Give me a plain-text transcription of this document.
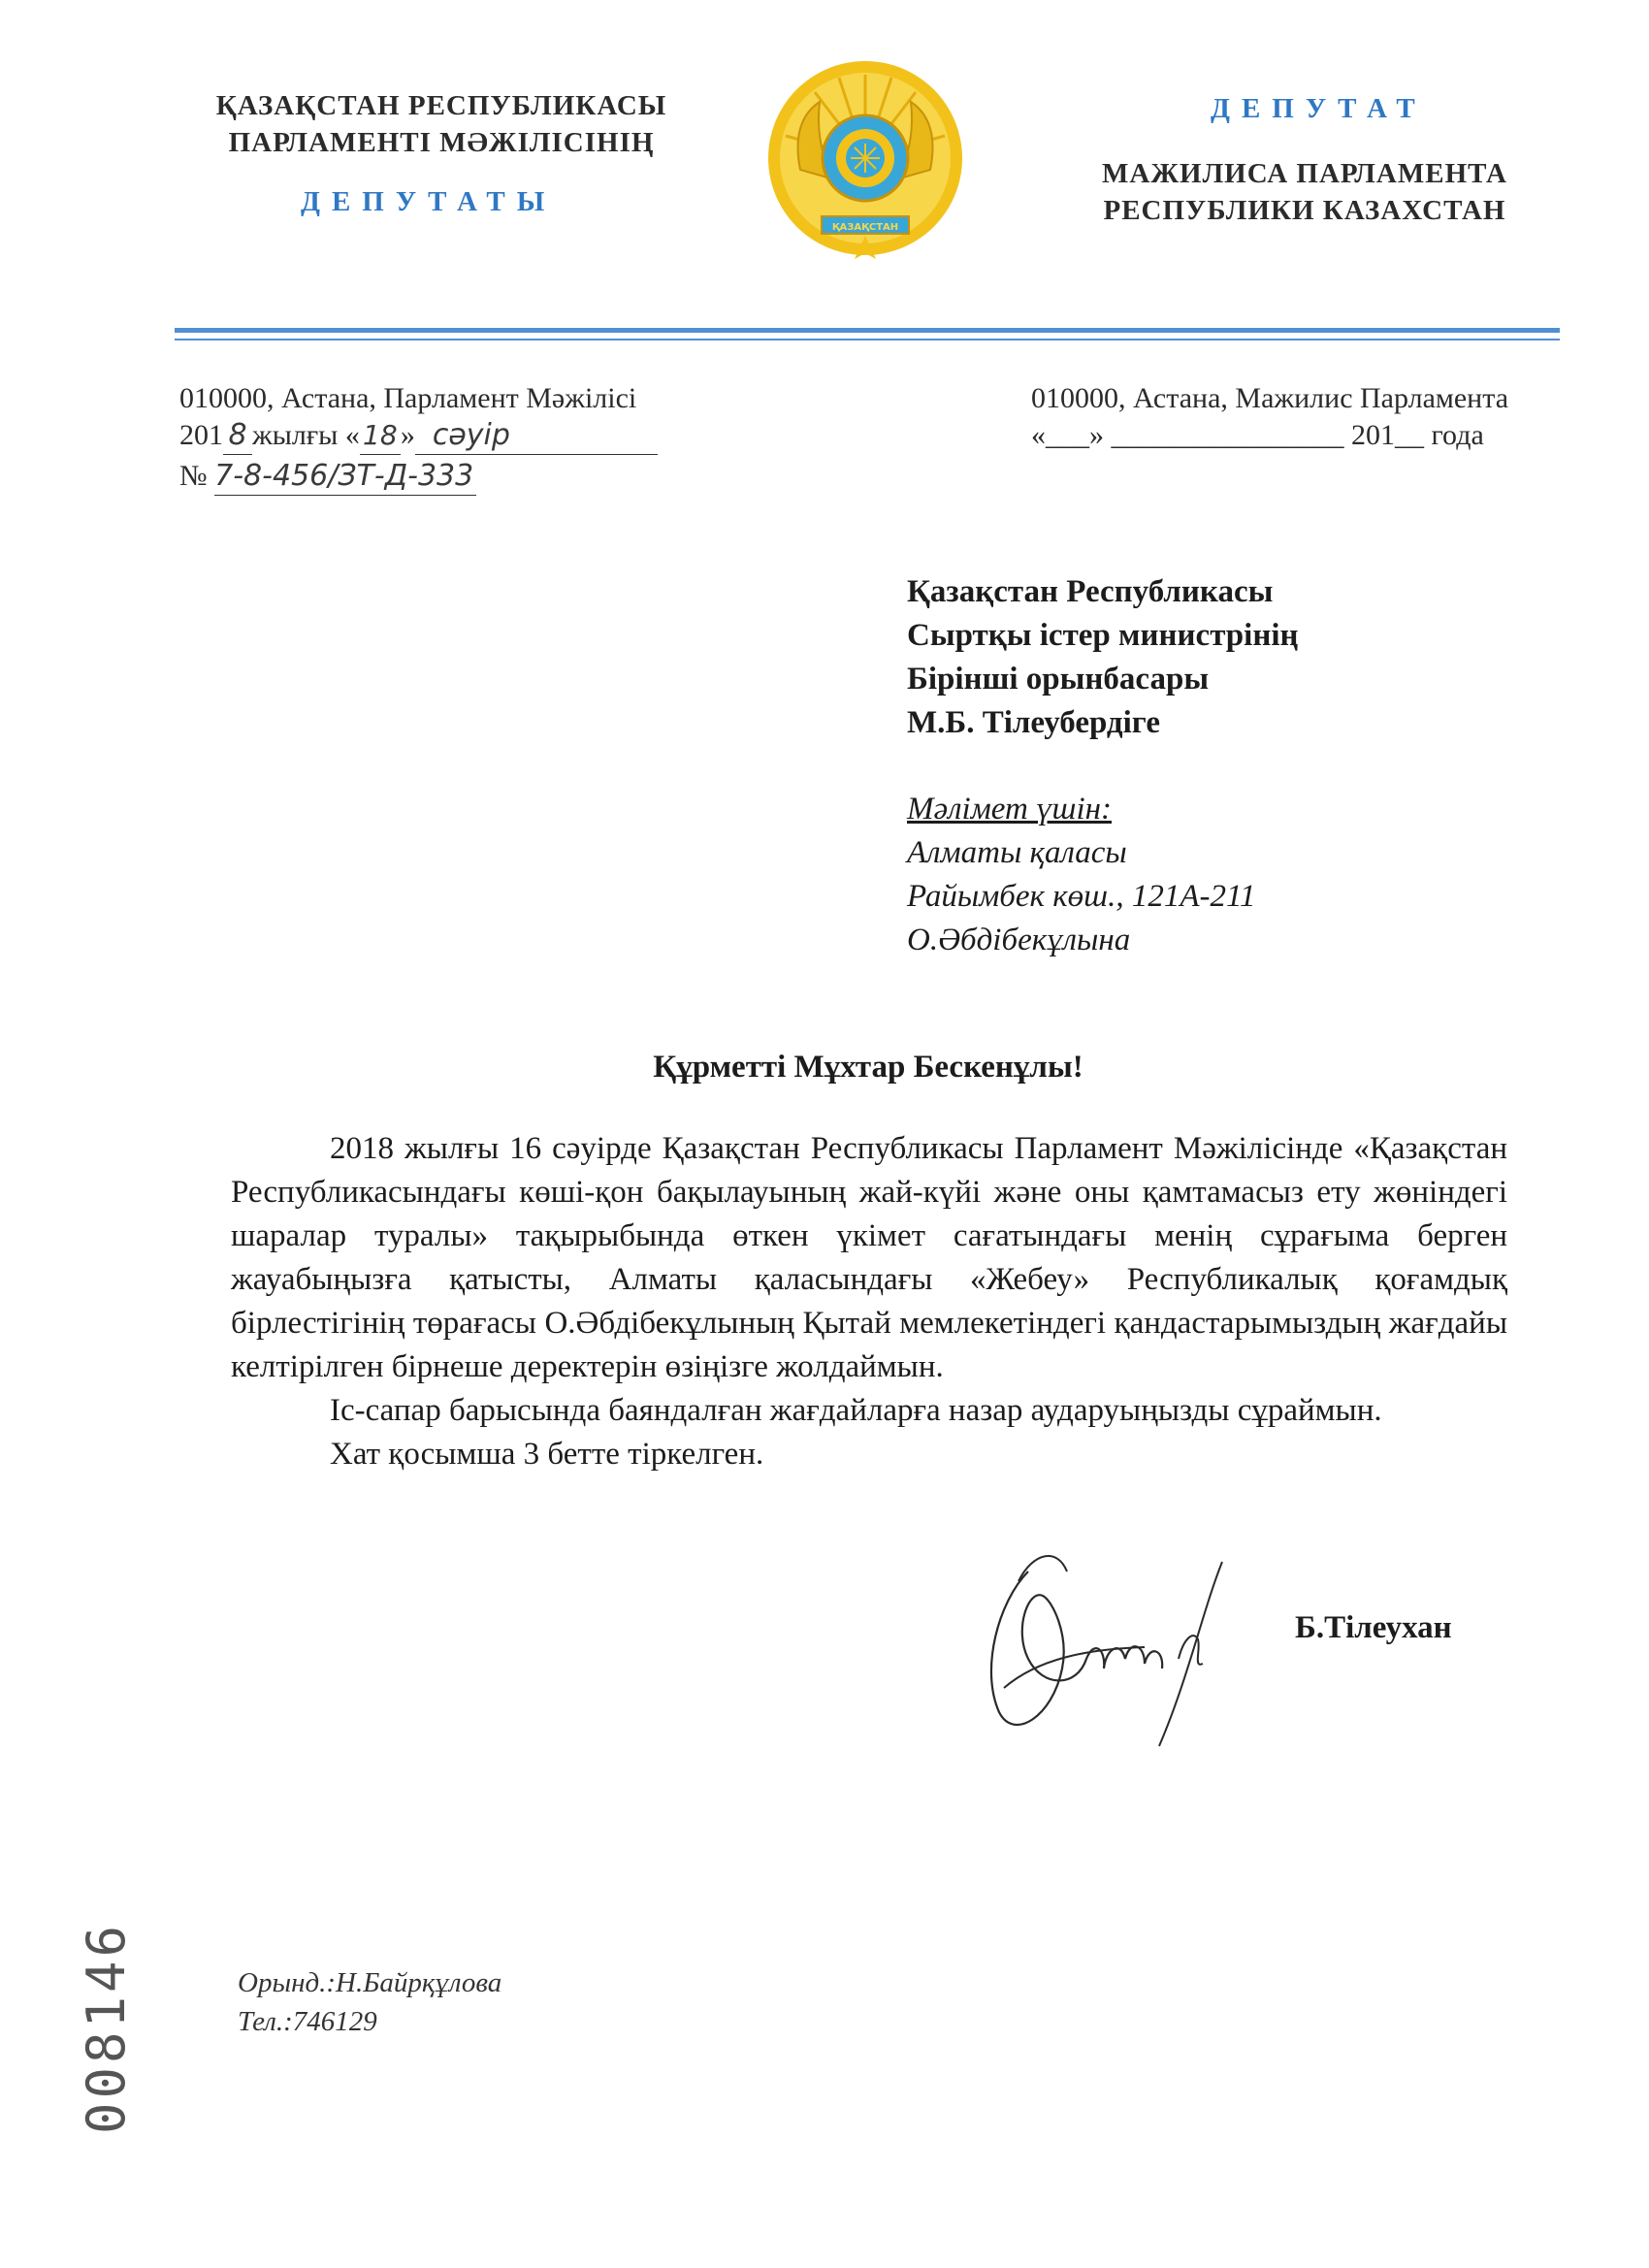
ҚАЗАҚСТАН РЕСПУБЛИКАСЫ
ПАРЛАМЕНТІ МӘЖІЛІСІНІҢ
ДЕПУТАТЫ
ҚАЗАҚСТАН
ДЕПУТАТ
МАЖИЛИСА ПАРЛАМЕНТА
РЕСПУБЛИКИ КАЗАХСТАН
010000, Астана, Парламент Мәжілісі
201 8 жылғы « 18 » сәуір
№ 7-8-456/ЗТ-Д-333
010000, Астана, Мажилис Парламента
«___» ________________ 201__ года
Қазақстан Республикасы
Сыртқы істер министрінің
Бірінші орынбасары
М.Б. Тілеубердіге
Мәлімет үшін:
Алматы қаласы
Райымбек көш., 121А-211
О.Әбдібекұлына
Құрметті Мұхтар Бескенұлы!

2018 жылғы 16 сәуірде Қазақстан Республикасы Парламент Мәжілісінде «Қазақстан Республикасындағы көші-қон бақылауының жай-күйі және оны қамтамасыз ету жөніндегі шаралар туралы» тақырыбында өткен үкімет сағатындағы менің сұрағыма берген жауабыңызға қатысты, Алматы қаласындағы «Жебеу» Республикалық қоғамдық бірлестігінің төрағасы О.Әбдібекұлының Қытай мемлекетіндегі қандастарымыздың жағдайы келтірілген бірнеше деректерін өзіңізге жолдаймын.

Іс-сапар барысында баяндалған жағдайларға назар аударуыңызды сұраймын.

Хат қосымша 3 бетте тіркелген.

Б.Тілеухан
Орынд.:Н.Байрқұлова
Тел.:746129
008146
